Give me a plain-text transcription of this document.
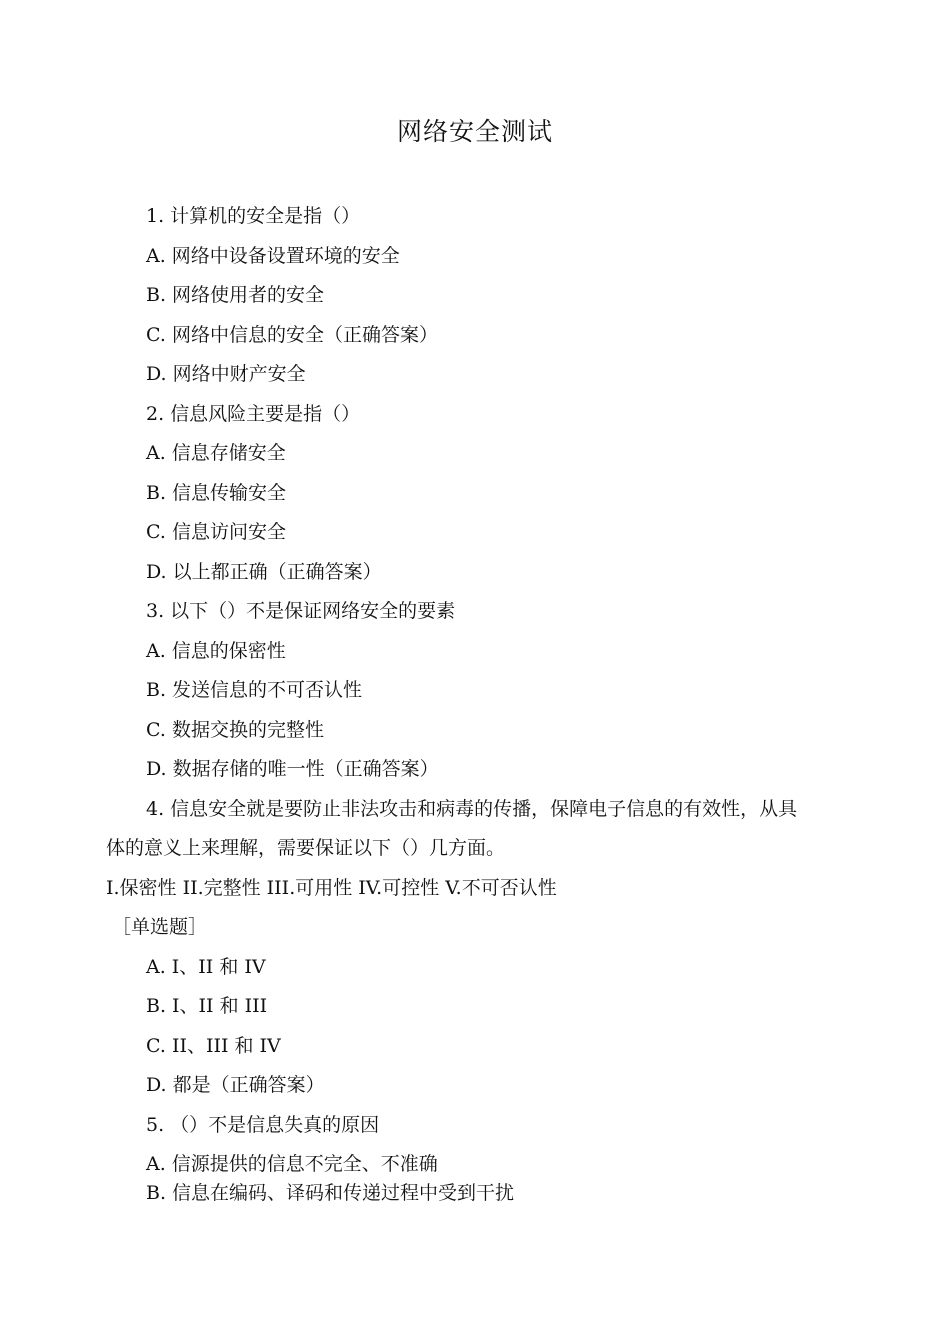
网络安全测试
1. 计算机的安全是指（）
A. 网络中设备设置环境的安全
B. 网络使用者的安全
C. 网络中信息的安全（正确答案）
D. 网络中财产安全
2. 信息风险主要是指（）
A. 信息存储安全
B. 信息传输安全
C. 信息访问安全
D. 以上都正确（正确答案）
3. 以下（）不是保证网络安全的要素
A. 信息的保密性
B. 发送信息的不可否认性
C. 数据交换的完整性
D. 数据存储的唯一性（正确答案）
4. 信息安全就是要防止非法攻击和病毒的传播，保障电子信息的有效性，从具
体的意义上来理解，需要保证以下（）几方面。
I.保密性 II.完整性 III.可用性 IV.可控性 V.不可否认性
［单选题］
A. I、II 和 IV
B. I、II 和 III
C. II、III 和 IV
D. 都是（正确答案）
5. （）不是信息失真的原因
A. 信源提供的信息不完全、不准确
B. 信息在编码、译码和传递过程中受到干扰
